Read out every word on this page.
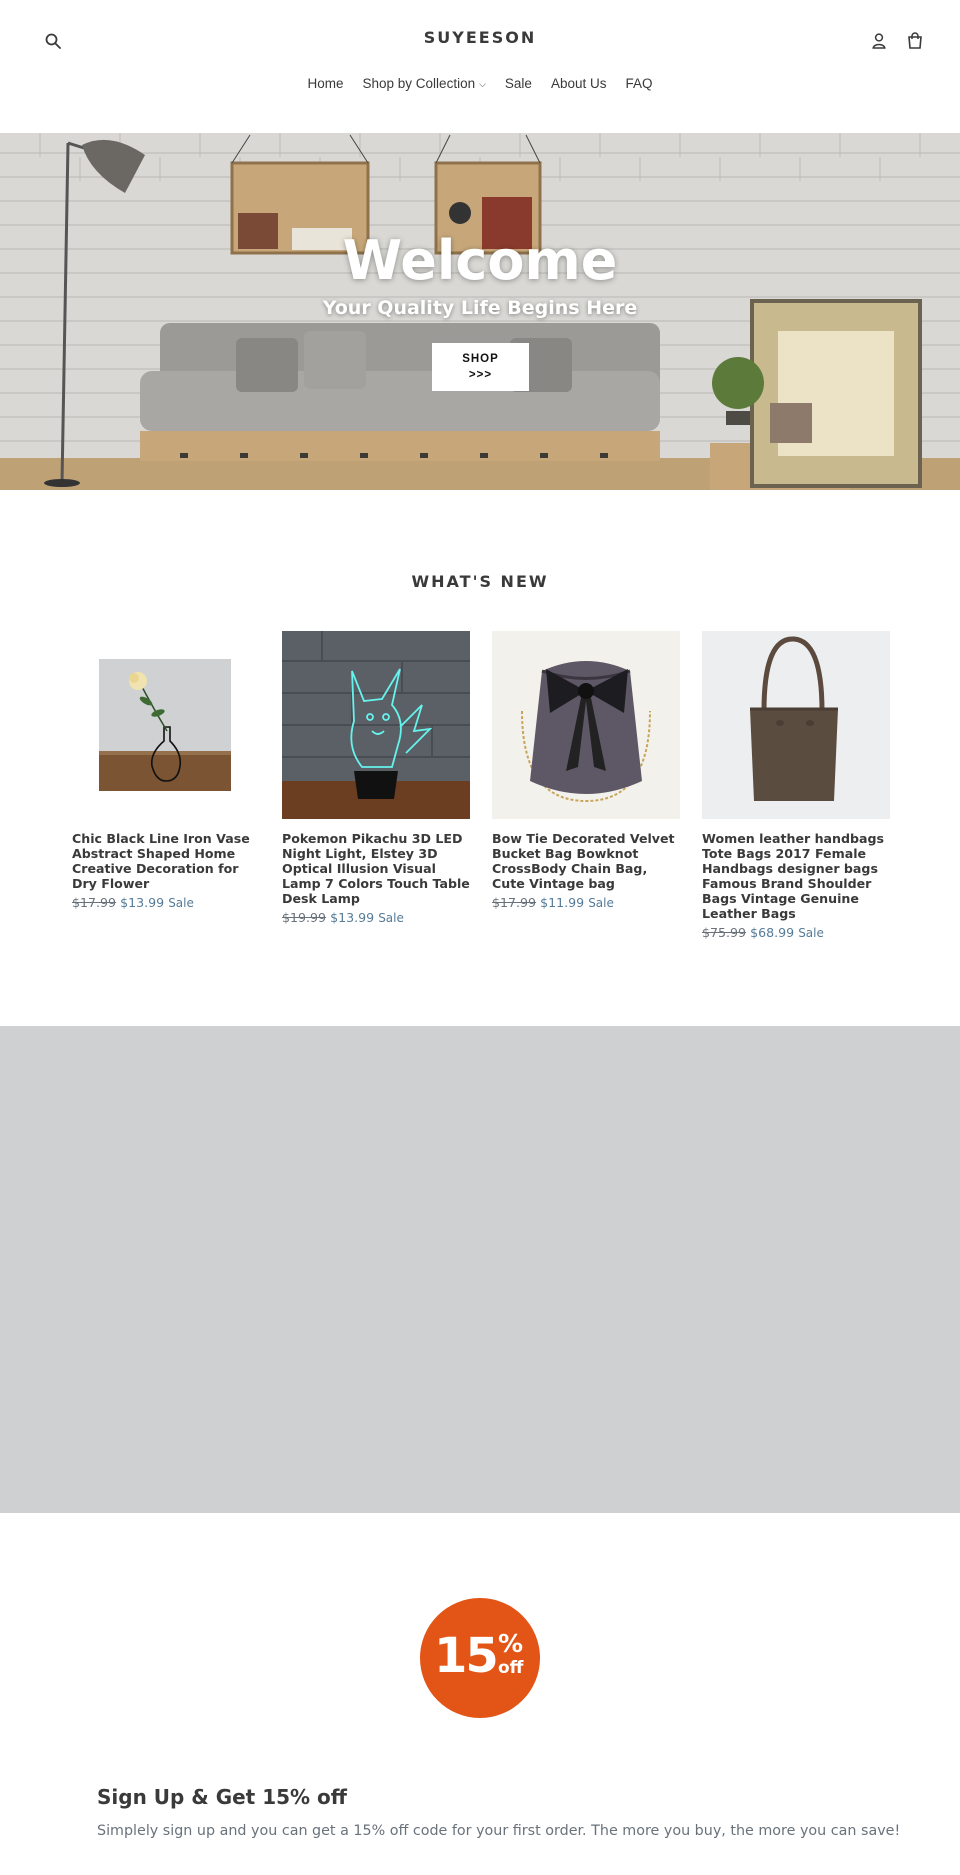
SUYEESON
Home Shop by Collection ⌵ Sale About Us FAQ
Welcome
Your Quality Life Begins Here
SHOP
>>>
WHAT'S NEW
Chic Black Line Iron Vase Abstract Shaped Home Creative Decoration for Dry Flower
$17.99 $13.99 Sale
Pokemon Pikachu 3D LED Night Light, Elstey 3D Optical Illusion Visual Lamp 7 Colors Touch Table Desk Lamp
$19.99 $13.99 Sale
Bow Tie Decorated Velvet Bucket Bag Bowknot CrossBody Chain Bag, Cute Vintage bag
$17.99 $11.99 Sale
Women leather handbags Tote Bags 2017 Female Handbags designer bags Famous Brand Shoulder Bags Vintage Genuine Leather Bags
$75.99 $68.99 Sale
15 %
off
Sign Up & Get 15% off

Simplely sign up and you can get a 15% off code for your first order. The more you buy, the more you can save!
